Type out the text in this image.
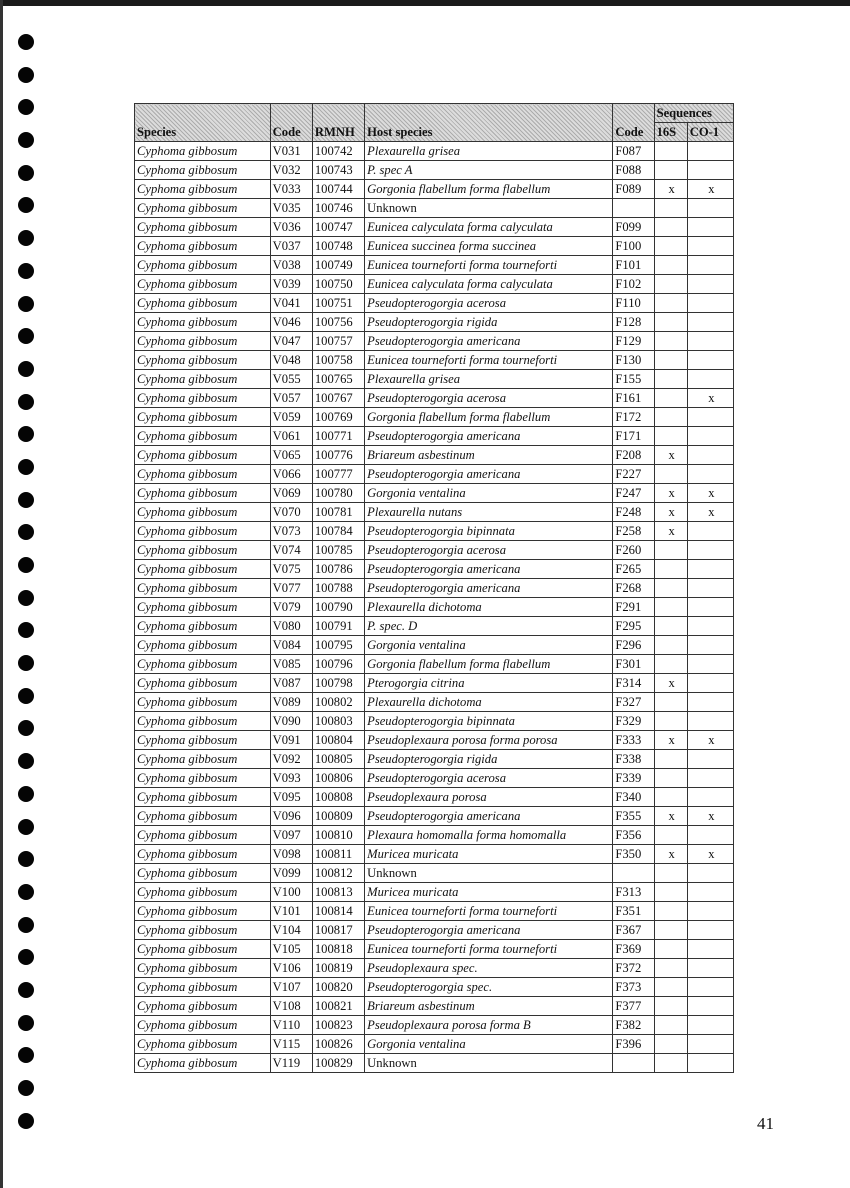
Species	Code	RMNH	Host species	Code	Sequences	
					16S	CO-1
Cyphoma gibbosum	V031	100742	Plexaurella grisea	F087		
Cyphoma gibbosum	V032	100743	P. spec A	F088		
Cyphoma gibbosum	V033	100744	Gorgonia flabellum forma flabellum	F089	x	x
Cyphoma gibbosum	V035	100746	Unknown			
Cyphoma gibbosum	V036	100747	Eunicea calyculata forma calyculata	F099		
Cyphoma gibbosum	V037	100748	Eunicea succinea forma succinea	F100		
Cyphoma gibbosum	V038	100749	Eunicea tourneforti forma tourneforti	F101		
Cyphoma gibbosum	V039	100750	Eunicea calyculata forma calyculata	F102		
Cyphoma gibbosum	V041	100751	Pseudopterogorgia acerosa	F110		
Cyphoma gibbosum	V046	100756	Pseudopterogorgia rigida	F128		
Cyphoma gibbosum	V047	100757	Pseudopterogorgia americana	F129		
Cyphoma gibbosum	V048	100758	Eunicea tourneforti forma tourneforti	F130		
Cyphoma gibbosum	V055	100765	Plexaurella grisea	F155		
Cyphoma gibbosum	V057	100767	Pseudopterogorgia acerosa	F161		x
Cyphoma gibbosum	V059	100769	Gorgonia flabellum forma flabellum	F172		
Cyphoma gibbosum	V061	100771	Pseudopterogorgia americana	F171		
Cyphoma gibbosum	V065	100776	Briareum asbestinum	F208	x	
Cyphoma gibbosum	V066	100777	Pseudopterogorgia americana	F227		
Cyphoma gibbosum	V069	100780	Gorgonia ventalina	F247	x	x
Cyphoma gibbosum	V070	100781	Plexaurella nutans	F248	x	x
Cyphoma gibbosum	V073	100784	Pseudopterogorgia bipinnata	F258	x	
Cyphoma gibbosum	V074	100785	Pseudopterogorgia acerosa	F260		
Cyphoma gibbosum	V075	100786	Pseudopterogorgia americana	F265		
Cyphoma gibbosum	V077	100788	Pseudopterogorgia americana	F268		
Cyphoma gibbosum	V079	100790	Plexaurella dichotoma	F291		
Cyphoma gibbosum	V080	100791	P. spec. D	F295		
Cyphoma gibbosum	V084	100795	Gorgonia ventalina	F296		
Cyphoma gibbosum	V085	100796	Gorgonia flabellum forma flabellum	F301		
Cyphoma gibbosum	V087	100798	Pterogorgia citrina	F314	x	
Cyphoma gibbosum	V089	100802	Plexaurella dichotoma	F327		
Cyphoma gibbosum	V090	100803	Pseudopterogorgia bipinnata	F329		
Cyphoma gibbosum	V091	100804	Pseudoplexaura porosa forma porosa	F333	x	x
Cyphoma gibbosum	V092	100805	Pseudopterogorgia rigida	F338		
Cyphoma gibbosum	V093	100806	Pseudopterogorgia acerosa	F339		
Cyphoma gibbosum	V095	100808	Pseudoplexaura porosa	F340		
Cyphoma gibbosum	V096	100809	Pseudopterogorgia americana	F355	x	x
Cyphoma gibbosum	V097	100810	Plexaura homomalla forma homomalla	F356		
Cyphoma gibbosum	V098	100811	Muricea muricata	F350	x	x
Cyphoma gibbosum	V099	100812	Unknown			
Cyphoma gibbosum	V100	100813	Muricea muricata	F313		
Cyphoma gibbosum	V101	100814	Eunicea tourneforti forma tourneforti	F351		
Cyphoma gibbosum	V104	100817	Pseudopterogorgia americana	F367		
Cyphoma gibbosum	V105	100818	Eunicea tourneforti forma tourneforti	F369		
Cyphoma gibbosum	V106	100819	Pseudoplexaura spec.	F372		
Cyphoma gibbosum	V107	100820	Pseudopterogorgia spec.	F373		
Cyphoma gibbosum	V108	100821	Briareum asbestinum	F377		
Cyphoma gibbosum	V110	100823	Pseudoplexaura porosa forma B	F382		
Cyphoma gibbosum	V115	100826	Gorgonia ventalina	F396		
Cyphoma gibbosum	V119	100829	Unknown			
41
